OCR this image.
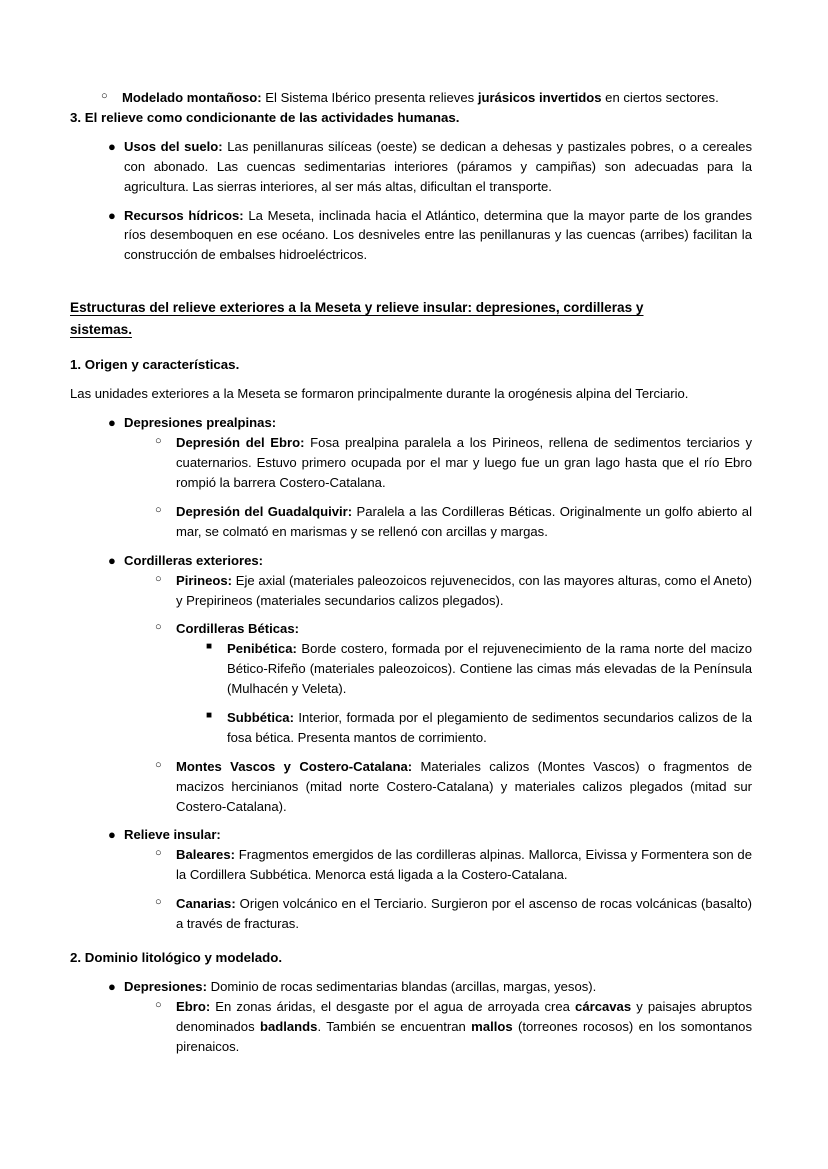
○	Modelado montañoso: El Sistema Ibérico presenta relieves jurásicos invertidos en ciertos sectores.
3. El relieve como condicionante de las actividades humanas.
● Usos del suelo: Las penillanuras silíceas (oeste) se dedican a dehesas y pastizales pobres, o a cereales con abonado. Las cuencas sedimentarias interiores (páramos y campiñas) son adecuadas para la agricultura. Las sierras interiores, al ser más altas, dificultan el transporte.
● Recursos hídricos: La Meseta, inclinada hacia el Atlántico, determina que la mayor parte de los grandes ríos desemboquen en ese océano. Los desniveles entre las penillanuras y las cuencas (arribes) facilitan la construcción de embalses hidroeléctricos.
Estructuras del relieve exteriores a la Meseta y relieve insular: depresiones, cordilleras y sistemas.
1. Origen y características.
Las unidades exteriores a la Meseta se formaron principalmente durante la orogénesis alpina del Terciario.
● Depresiones prealpinas:
○	Depresión del Ebro: Fosa prealpina paralela a los Pirineos, rellena de sedimentos terciarios y cuaternarios. Estuvo primero ocupada por el mar y luego fue un gran lago hasta que el río Ebro rompió la barrera Costero-Catalana.
○	Depresión del Guadalquivir: Paralela a las Cordilleras Béticas. Originalmente un golfo abierto al mar, se colmató en marismas y se rellenó con arcillas y margas.
● Cordilleras exteriores:
○	Pirineos: Eje axial (materiales paleozoicos rejuvenecidos, con las mayores alturas, como el Aneto) y Prepirineos (materiales secundarios calizos plegados).
○	Cordilleras Béticas:
■	Penibética: Borde costero, formada por el rejuvenecimiento de la rama norte del macizo Bético-Rifeño (materiales paleozoicos). Contiene las cimas más elevadas de la Península (Mulhacén y Veleta).
■	Subbética: Interior, formada por el plegamiento de sedimentos secundarios calizos de la fosa bética. Presenta mantos de corrimiento.
○	Montes Vascos y Costero-Catalana: Materiales calizos (Montes Vascos) o fragmentos de macizos hercinianos (mitad norte Costero-Catalana) y materiales calizos plegados (mitad sur Costero-Catalana).
● Relieve insular:
○	Baleares: Fragmentos emergidos de las cordilleras alpinas. Mallorca, Eivissa y Formentera son de la Cordillera Subbética. Menorca está ligada a la Costero-Catalana.
○	Canarias: Origen volcánico en el Terciario. Surgieron por el ascenso de rocas volcánicas (basalto) a través de fracturas.
2. Dominio litológico y modelado.
● Depresiones: Dominio de rocas sedimentarias blandas (arcillas, margas, yesos).
○	Ebro: En zonas áridas, el desgaste por el agua de arroyada crea cárcavas y paisajes abruptos denominados badlands. También se encuentran mallos (torreones rocosos) en los somontanos pirenaicos.
